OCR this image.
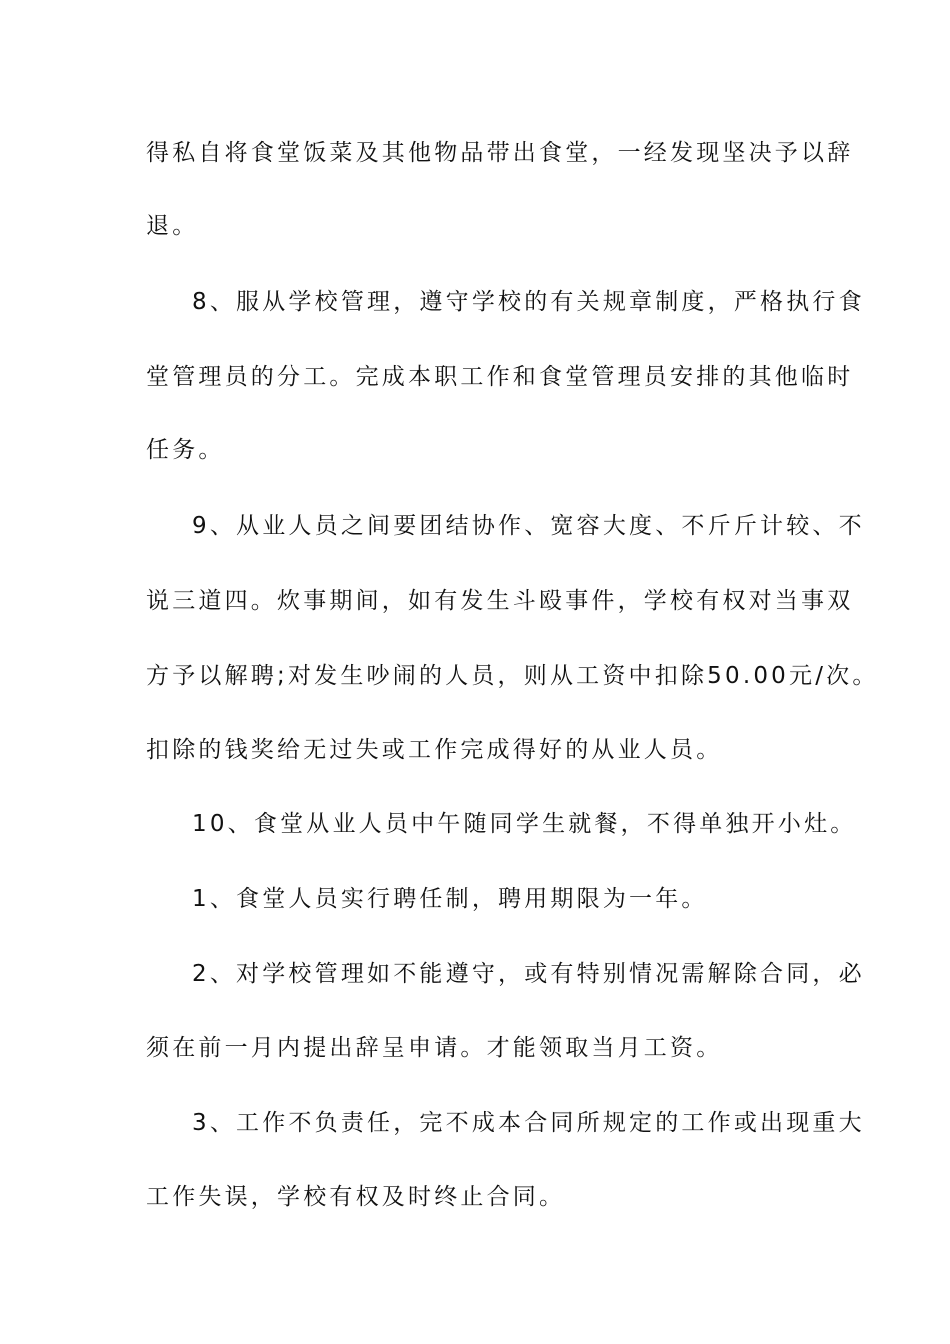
得私自将食堂饭菜及其他物品带出食堂，一经发现坚决予以辞
退。
8、服从学校管理，遵守学校的有关规章制度，严格执行食
堂管理员的分工。完成本职工作和食堂管理员安排的其他临时
任务。
9、从业人员之间要团结协作、宽容大度、不斤斤计较、不
说三道四。炊事期间，如有发生斗殴事件，学校有权对当事双
方予以解聘;对发生吵闹的人员，则从工资中扣除50.00元/次。
扣除的钱奖给无过失或工作完成得好的从业人员。
10、食堂从业人员中午随同学生就餐，不得单独开小灶。
1、食堂人员实行聘任制，聘用期限为一年。
2、对学校管理如不能遵守，或有特别情况需解除合同，必
须在前一月内提出辞呈申请。才能领取当月工资。
3、工作不负责任，完不成本合同所规定的工作或出现重大
工作失误，学校有权及时终止合同。
